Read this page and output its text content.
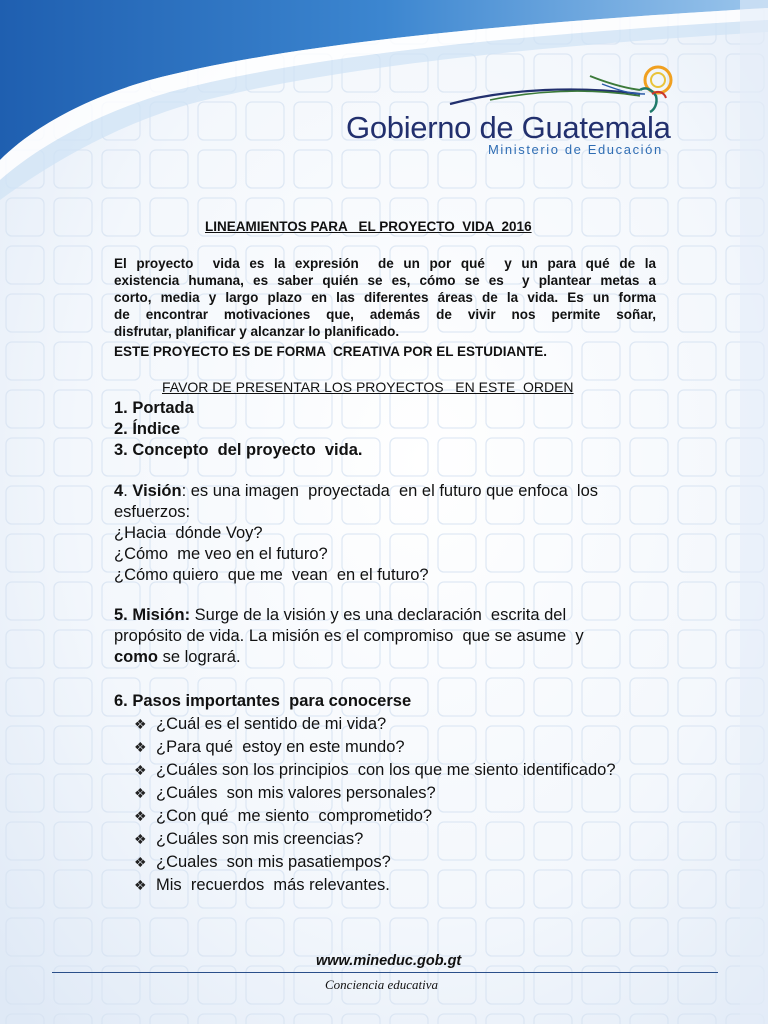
Gobierno de Guatemala
Ministerio de Educación
LINEAMIENTOS PARA   EL PROYECTO  VIDA  2016
El proyecto  vida es la expresión  de un por qué  y un para qué de la
existencia humana, es saber quién se es, cómo se es  y plantear metas a
corto, media y largo plazo en las diferentes áreas de la vida. Es un forma
de encontrar motivaciones que, además de vivir nos permite soñar,
disfrutar, planificar y alcanzar lo planificado.
ESTE PROYECTO ES DE FORMA  CREATIVA POR EL ESTUDIANTE.
FAVOR DE PRESENTAR LOS PROYECTOS   EN ESTE  ORDEN
1. Portada
2. Índice
3. Concepto  del proyecto  vida.
4. Visión: es una imagen  proyectada  en el futuro que enfoca  los
esfuerzos:
¿Hacia  dónde Voy?
¿Cómo  me veo en el futuro?
¿Cómo quiero  que me  vean  en el futuro?
5. Misión: Surge de la visión y es una declaración  escrita del
propósito de vida. La misión es el compromiso  que se asume  y
como se logrará.
6. Pasos importantes  para conocerse
❖ ¿Cuál es el sentido de mi vida?
❖ ¿Para qué  estoy en este mundo?
❖ ¿Cuáles son los principios  con los que me siento identificado?
❖ ¿Cuáles  son mis valores personales?
❖ ¿Con qué  me siento  comprometido?
❖ ¿Cuáles son mis creencias?
❖ ¿Cuales  son mis pasatiempos?
❖ Mis  recuerdos  más relevantes.
www.mineduc.gob.gt
Conciencia educativa
